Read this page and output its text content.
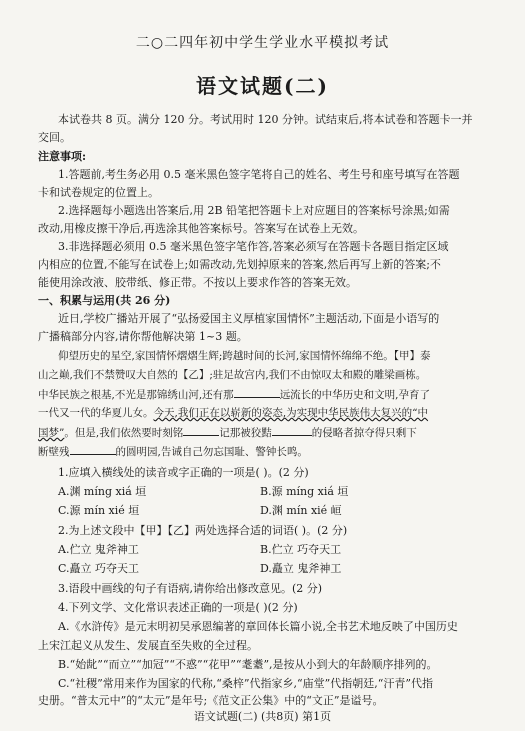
二○二四年初中学生学业水平模拟考试
语文试题(二)
本试卷共 8 页。满分 120 分。考试用时 120 分钟。试结束后,将本试卷和答题卡一并
交回。
注意事项:
1.答题前,考生务必用 0.5 毫米黑色签字笔将自己的姓名、考生号和座号填写在答题
卡和试卷规定的位置上。
2.选择题每小题选出答案后,用 2B 铅笔把答题卡上对应题目的答案标号涂黑;如需
改动,用橡皮擦干净后,再选涂其他答案标号。答案写在试卷上无效。
3.非选择题必须用 0.5 毫米黑色签字笔作答,答案必须写在答题卡各题目指定区域
内相应的位置,不能写在试卷上;如需改动,先划掉原来的答案,然后再写上新的答案;不
能使用涂改液、胶带纸、修正带。不按以上要求作答的答案无效。
一、积累与运用(共 26 分)
近日,学校广播站开展了“弘扬爱国主义厚植家国情怀”主题活动,下面是小语写的
广播稿部分内容,请你帮他解决第 1~3 题。
仰望历史的星空,家国情怀熠熠生辉;跨越时间的长河,家国情怀绵绵不绝。【甲】泰
山之巅,我们不禁赞叹大自然的【乙】;驻足故宫内,我们不由惊叹太和殿的雕梁画栋。
中华民族之根基,不光是那锦绣山河,还有那	远流长的中华历史和文明,孕育了
一代又一代的华夏儿女。今天,我们正在以崭新的姿态,为实现中华民族伟大复兴的“中
国梦”。但是,我们依然要时刻铭	记那被狡黠	的侵略者掠夺得只剩下
断壁残	的圆明园,告诫自己勿忘国耻、警钟长鸣。
1.应填入横线处的读音或字正确的一项是( )。(2 分)
A.渊 míng xiá 垣	B.源 míng xiá 垣
C.源 mín xié 垣	D.渊 mín xié 峘
2.为上述文段中【甲】【乙】两处选择合适的词语( )。(2 分)
A.伫立 鬼斧神工	B.伫立 巧夺天工
C.矗立 巧夺天工	D.矗立 鬼斧神工
3.语段中画线的句子有语病,请你给出修改意见。(2 分)
4.下列文学、文化常识表述正确的一项是( )(2 分)
A.《水浒传》是元末明初吴承恩编著的章回体长篇小说,全书艺术地反映了中国历史
上宋江起义从发生、发展直至失败的全过程。
B.“始龀”“而立”“加冠”“不惑”“花甲”“耄耋”,是按从小到大的年龄顺序排列的。
C.“社稷”常用来作为国家的代称,“桑梓”代指家乡,“庙堂”代指朝廷,“汗青”代指
史册。“普太元中”的“太元”是年号;《范文正公集》中的“文正”是谥号。
语文试题(二) (共8页) 第1页
